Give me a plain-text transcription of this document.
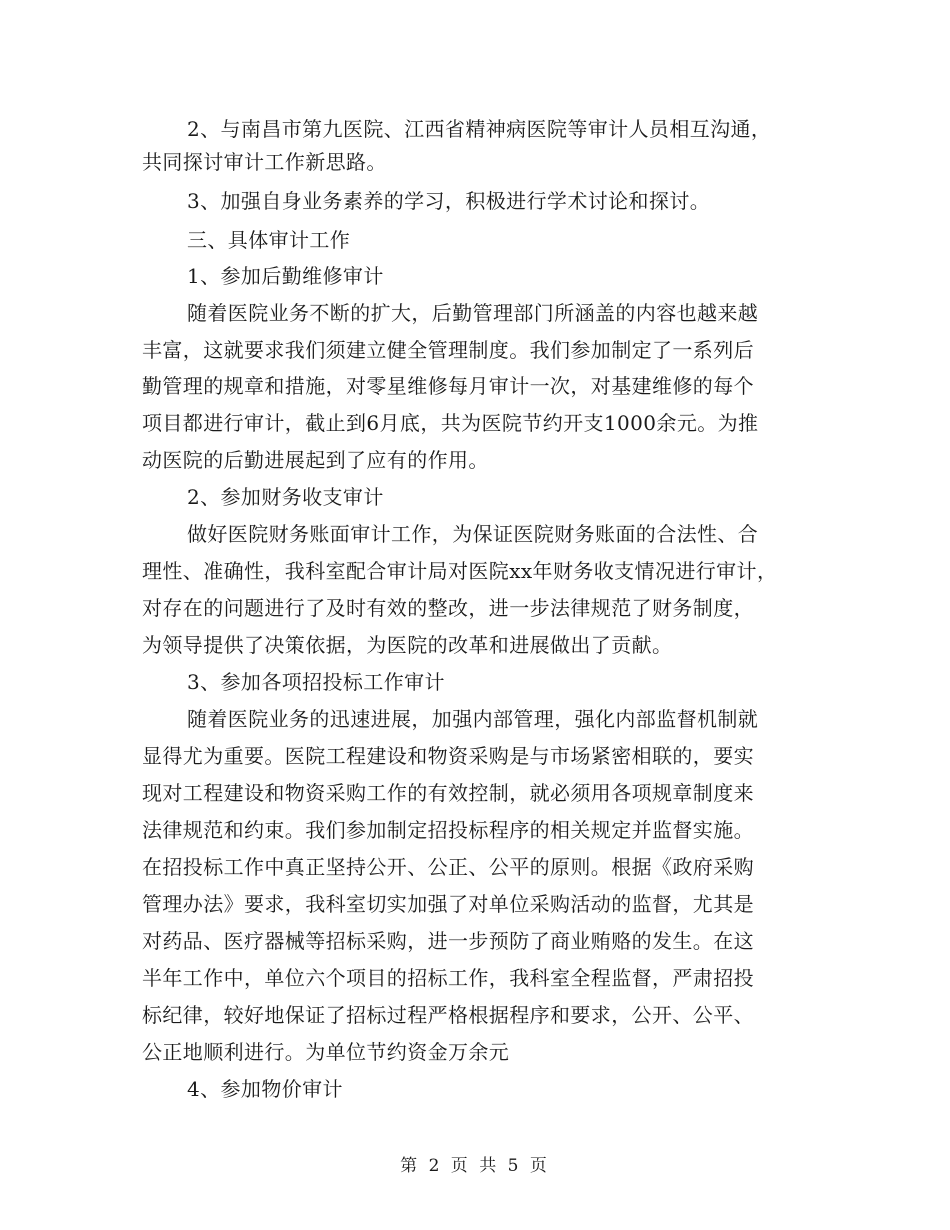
2、与南昌市第九医院、江西省精神病医院等审计人员相互沟通，
共同探讨审计工作新思路。
3、加强自身业务素养的学习，积极进行学术讨论和探讨。
三、具体审计工作
1、参加后勤维修审计
随着医院业务不断的扩大，后勤管理部门所涵盖的内容也越来越
丰富，这就要求我们须建立健全管理制度。我们参加制定了一系列后
勤管理的规章和措施，对零星维修每月审计一次，对基建维修的每个
项目都进行审计，截止到6月底，共为医院节约开支1000余元。为推
动医院的后勤进展起到了应有的作用。
2、参加财务收支审计
做好医院财务账面审计工作，为保证医院财务账面的合法性、合
理性、准确性，我科室配合审计局对医院xx年财务收支情况进行审计，
对存在的问题进行了及时有效的整改，进一步法律规范了财务制度，
为领导提供了决策依据，为医院的改革和进展做出了贡献。
3、参加各项招投标工作审计
随着医院业务的迅速进展，加强内部管理，强化内部监督机制就
显得尤为重要。医院工程建设和物资采购是与市场紧密相联的，要实
现对工程建设和物资采购工作的有效控制，就必须用各项规章制度来
法律规范和约束。我们参加制定招投标程序的相关规定并监督实施。
在招投标工作中真正坚持公开、公正、公平的原则。根据《政府采购
管理办法》要求，我科室切实加强了对单位采购活动的监督，尤其是
对药品、医疗器械等招标采购，进一步预防了商业贿赂的发生。在这
半年工作中，单位六个项目的招标工作，我科室全程监督，严肃招投
标纪律，较好地保证了招标过程严格根据程序和要求，公开、公平、
公正地顺利进行。为单位节约资金万余元
4、参加物价审计
第 2 页 共 5 页
